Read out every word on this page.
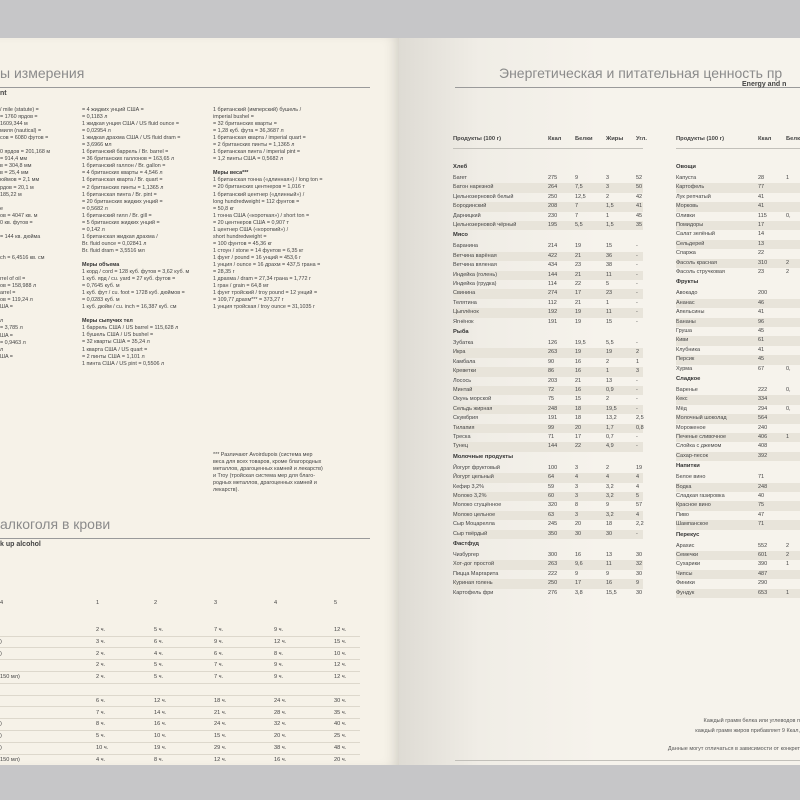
ы измерения
nt
/ mile (statute) =
= 1760 ярдов =
1609,344 м
миля (nautical) =
сов = 6080 футов =

0 ярдов = 201,168 м
= 914,4 мм
в = 304,8 мм
в = 25,4 мм
юймов = 2,1 мм
рдов = 20,1 м
185,22 м

е
ов = 4047 кв. м
0 кв. футов =

= 144 кв. дюйма

ch = 6,4516 кв. см

rrel of oil =
ов = 158,988 л
arrel =
ов = 119,24 л
ШA =

л
= 3,785 л
ШA =
= 0,9463 л
л
ШA =
= 4 жидких унций США =
= 0,1183 л
1 жидкая унция США / US fluid ounce =
= 0,02954 л
1 жидкая драхма США / US fluid dram =
= 3,6966 мл
1 британский баррель / Br. barrel =
= 36 британских галлонов = 163,65 л
1 британский галлон / Br. gallon =
= 4 британских кварты = 4,546 л
1 британская кварта / Br. quart =
= 2 британских пинты = 1,1365 л
1 британская пинта / Br. pint =
= 20 британских жидких унций =
= 0,5682 л
1 британский гилл / Br. gill =
= 5 британских жидких унций =
= 0,142 л
1 британская жидкая драхма /
Br. fluid ounce = 0,02841 л
Br. fluid dram = 3,5516 мл
Меры объема
1 корд / cord = 128 куб. футов = 3,62 куб. м
1 куб. ярд / cu. yard = 27 куб. футов =
= 0,7645 куб. м
1 куб. фут / cu. foot = 1728 куб. дюймов =
= 0,0283 куб. м
1 куб. дюйм / cu. inch = 16,387 куб. см
Меры сыпучих тел
1 баррель США / US barrel = 115,628 л
1 бушель США / US bushel =
= 32 кварты США = 35,24 л
1 кварта США / US quart =
= 2 пинты США = 1,101 л
1 пинта США / US pint = 0,5506 л
1 британский (имперский) бушель /
imperial bushel =
= 32 британских кварты =
= 1,28 куб. фута = 36,3687 л
1 британская кварта / imperial quart =
= 2 британских пинты = 1,1365 л
1 британская пинта / imperial pint =
= 1,2 пинты США = 0,5682 л
Меры веса***
1 британская тонна («длинная») / long ton =
= 20 британских центнеров = 1,016 т
1 британский центнер («длинный») /
long hundredweight = 112 фунтов =
= 50,8 кг
1 тонна США («короткая») / short ton =
= 20 центнеров США = 0,907 т
1 центнер США («короткий») /
short hundredweight =
= 100 фунтов = 45,36 кг
1 стоун / stone = 14 фунтов = 6,35 кг
1 фунт / pound = 16 унций = 453,6 г
1 унция / ounce = 16 драхм = 437,5 грана =
= 28,35 г
1 драхма / dram = 27,34 грана = 1,772 г
1 гран / grain = 64,8 мг
1 фунт тройский / troy pound = 12 унций =
= 109,77 драхм*** = 373,27 г
1 унция тройская / troy ounce = 31,1035 г
*** Различают Avoirdupois (система мер
веса для всех товаров, кроме благородных
металлов, драгоценных камней и лекарств)
и Troy (тройская система мер для благо-
родных металлов, драгоценных камней и
лекарств).
алкоголя в крови
k up alcohol
4	1	2	3	4	5
2 ч.	5 ч.	7 ч.	9 ч.	12 ч.
)	3 ч.	6 ч.	9 ч.	12 ч.	15 ч.
)	2 ч.	4 ч.	6 ч.	8 ч.	10 ч.
2 ч.	5 ч.	7 ч.	9 ч.	12 ч.
150 мл)	2 ч.	5 ч.	7 ч.	9 ч.	12 ч.
6 ч.	12 ч.	18 ч.	24 ч.	30 ч.
7 ч.	14 ч.	21 ч.	28 ч.	35 ч.
)	8 ч.	16 ч.	24 ч.	32 ч.	40 ч.
)	5 ч.	10 ч.	15 ч.	20 ч.	25 ч.
)	10 ч.	19 ч.	29 ч.	38 ч.	48 ч.
150 мл)	4 ч.	8 ч.	12 ч.	16 ч.	20 ч.
Энергетическая и питательная ценность пр
Energy and n
Продукты (100 г)	Ккал Белки Жиры Угл.
Хлеб
Багет	275	9	3	52
Батон нарезной	264	7,5	3	50
Цельнозерновой белый	250	12,5	2	42
Бородинский	208	7	1,5	41
Дарницкий	230	7	1	45
Цельнозерновой чёрный	195	5,5	1,5	35
Мясо
Баранина	214	19	15	-
Ветчина варёная	422	21	36	-
Ветчина вяленая	434	23	38	-
Индейка (голень)	144	21	11	-
Индейка (грудка)	114	22	5	-
Свинина	274	17	23	-
Телятина	112	21	1	-
Цыплёнок	192	19	11	-
Ягнёнок	191	19	15	-
Рыба
Зубатка	126	19,5	5,5	-
Икра	263	19	19	2
Камбала	90	16	2	1
Креветки	86	16	1	3
Лосось	203	21	13	-
Минтай	72	16	0,9	-
Окунь морской	75	15	2	-
Сельдь жирная	248	18	19,5	-
Скумбрия	191	18	13,2	2,5
Тилапия	99	20	1,7	0,8
Треска	71	17	0,7	-
Тунец	144	22	4,9	-
Молочные продукты
Йогурт фруктовый	100	3	2	19
Йогурт цельный	64	4	4	4
Кефир 3,2%	59	3	3,2	4
Молоко 3,2%	60	3	3,2	5
Молоко сгущённое	320	8	9	57
Молоко цельное	63	3	3,2	4
Сыр Моцарелла	245	20	18	2,2
Сыр твёрдый	350	30	30	-
Фастфуд
Чизбургер	300	16	13	30
Хот-дог простой	263	9,6	11	32
Пицца Маргарита	222	9	9	30
Куриная голень	250	17	16	9
Картофель фри	276	3,8	15,5	30
Продукты (100 г)	Ккал	Белк
Овощи
Капуста	28	1
Картофель	77
Лук репчатый	41
Морковь	41
Оливки	115	0,
Помидоры	17
Салат зелёный	14
Сельдерей	13
Спаржа	22
Фасоль красная	310	2
Фасоль стручковая	23	2
Фрукты
Авокадо	200
Ананас	46
Апельсины	41
Бананы	96
Груша	45
Киви	61
Клубника	41
Персик	45
Хурма	67	0,
Сладкое
Варенье	222	0,
Кекс	334
Мёд	294	0,
Молочный шоколад	564
Мороженое	240
Печенье сливочное	406	1
Слойка с джемом	408
Сахар-песок	392
Напитки
Белое вино	71
Водка	248
Сладкая газировка	40
Красное вино	75
Пиво	47
Шампанское	71
Перекус
Арахис	552	2
Семечки	601	2
Сухарики	390	1
Чипсы	487
Финики	290
Фундук	653	1
Каждый грамм белка или углеводов п
каждый грамм жиров прибавляет 9 Ккал,
Данные могут отличаться в зависимости от конкрет
